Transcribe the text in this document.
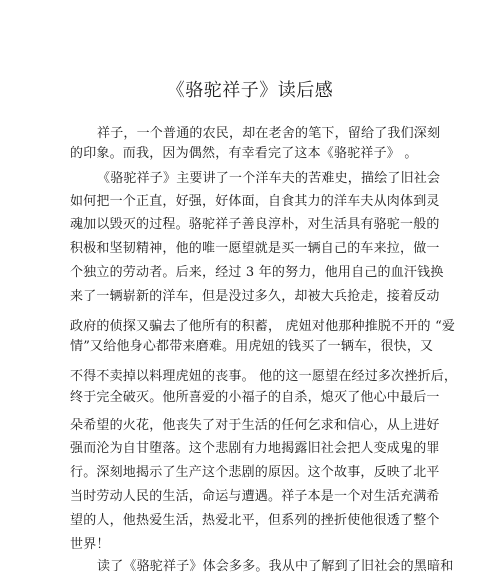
《骆驼祥子》读后感
祥子，一个普通的农民，却在老舍的笔下，留给了我们深刻
的印象。而我，因为偶然，有幸看完了这本《骆驼祥子》 。
《骆驼祥子》主要讲了一个洋车夫的苦难史，描绘了旧社会
如何把一个正直，好强，好体面，自食其力的洋车夫从肉体到灵
魂加以毁灭的过程。骆驼祥子善良淳朴，对生活具有骆驼一般的
积极和坚韧精神，他的唯一愿望就是买一辆自己的车来拉，做一
个独立的劳动者。后来，经过 3 年的努力，他用自己的血汗钱换
来了一辆崭新的洋车，但是没过多久，却被大兵抢走，接着反动
政府的侦探又骗去了他所有的积蓄， 虎妞对他那种推脱不开的 “爱
情”又给他身心都带来磨难。用虎妞的钱买了一辆车，很快，又
不得不卖掉以料理虎妞的丧事。 他的这一愿望在经过多次挫折后，
终于完全破灭。他所喜爱的小福子的自杀，熄灭了他心中最后一
朵希望的火花，他丧失了对于生活的任何乞求和信心，从上进好
强而沦为自甘堕落。这个悲剧有力地揭露旧社会把人变成鬼的罪
行。深刻地揭示了生产这个悲剧的原因。这个故事，反映了北平
当时劳动人民的生活，命运与遭遇。祥子本是一个对生活充满希
望的人，他热爱生活，热爱北平，但系列的挫折使他很透了整个
世界！
读了《骆驼祥子》体会多多。我从中了解到了旧社会的黑暗和
